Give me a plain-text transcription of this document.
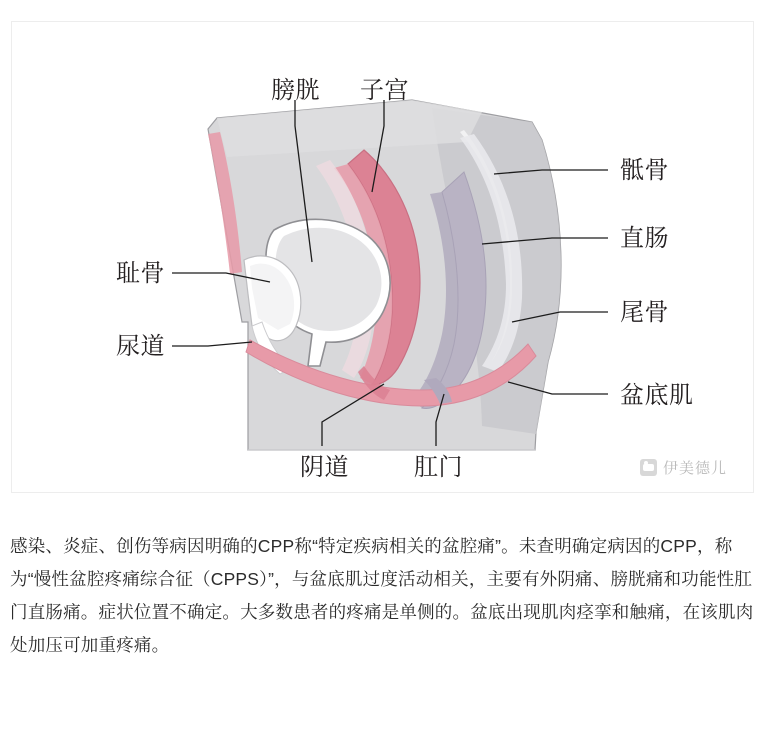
膀胱 子宫
骶骨
直肠
尾骨
盆底肌
耻骨
尿道
阴道	肛门	伊美德儿
感染、炎症、创伤等病因明确的CPP称“特定疾病相关的盆腔痛”。未查明确定病因的CPP，称为“慢性盆腔疼痛综合征（CPPS）”，与盆底肌过度活动相关，主要有外阴痛、膀胱痛和功能性肛门直肠痛。症状位置不确定。大多数患者的疼痛是单侧的。盆底出现肌肉痉挛和触痛，在该肌肉处加压可加重疼痛。
